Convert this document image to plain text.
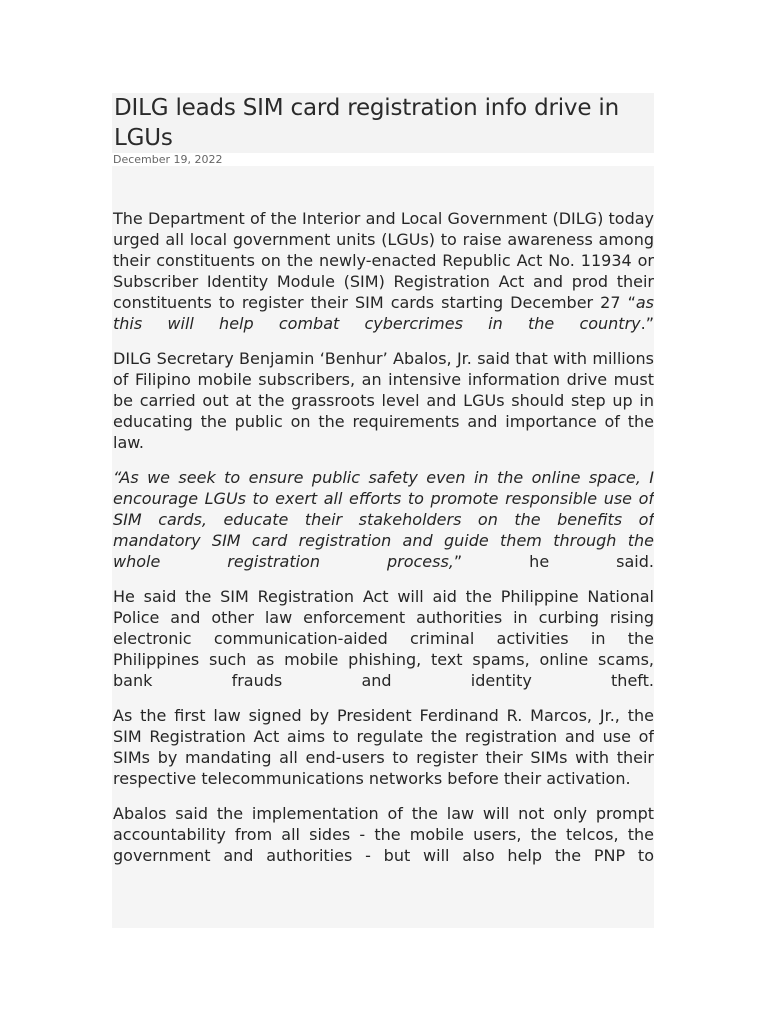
DILG leads SIM card registration info drive in LGUs
December 19, 2022

The Department of the Interior and Local Government (DILG) today urged all local government units (LGUs) to raise awareness among their constituents on the newly-enacted Republic Act No. 11934 or Subscriber Identity Module (SIM) Registration Act and prod their constituents to register their SIM cards starting December 27 “as this will help combat cybercrimes in the country.”

DILG Secretary Benjamin ‘Benhur’ Abalos, Jr. said that with millions of Filipino mobile subscribers, an intensive information drive must be carried out at the grassroots level and LGUs should step up in educating the public on the requirements and importance of the law.

“As we seek to ensure public safety even in the online space, I encourage LGUs to exert all efforts to promote responsible use of SIM cards, educate their stakeholders on the benefits of mandatory SIM card registration and guide them through the whole registration process,” he said.

He said the SIM Registration Act will aid the Philippine National Police and other law enforcement authorities in curbing rising electronic communication-aided criminal activities in the Philippines such as mobile phishing, text spams, online scams, bank frauds and identity theft.

As the first law signed by President Ferdinand R. Marcos, Jr., the SIM Registration Act aims to regulate the registration and use of SIMs by mandating all end-users to register their SIMs with their respective telecommunications networks before their activation.

Abalos said the implementation of the law will not only prompt accountability from all sides - the mobile users, the telcos, the government and authorities - but will also help the PNP to
